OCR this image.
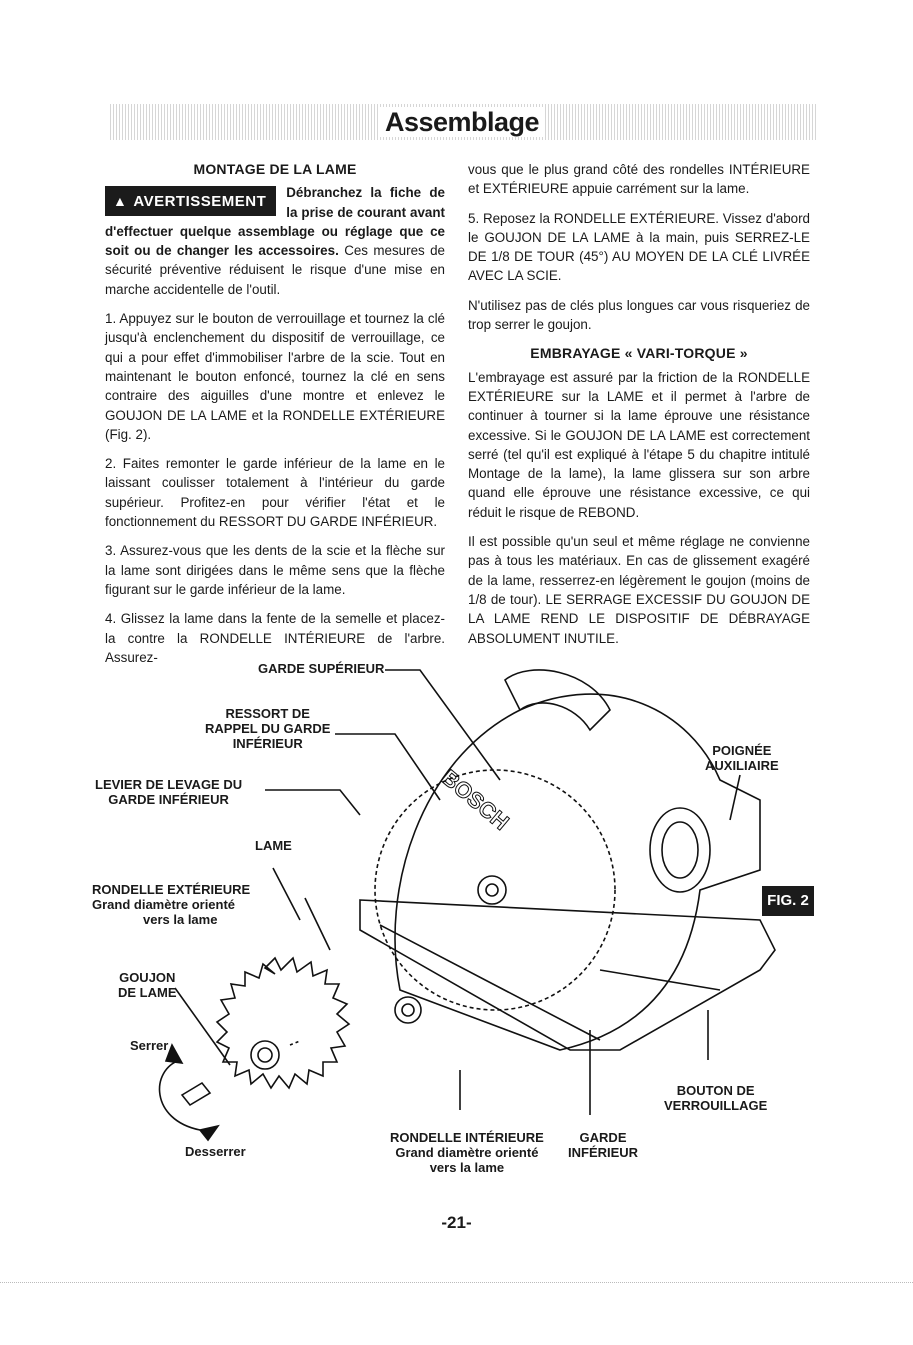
Assemblage
MONTAGE DE LA LAME
▲ AVERTISSEMENT

Débranchez la fiche de la prise de courant avant d'effectuer quelque assemblage ou réglage que ce soit ou de changer les accessoires. Ces mesures de sécurité préventive réduisent le risque d'une mise en marche accidentelle de l'outil.

1. Appuyez sur le bouton de verrouillage et tournez la clé jusqu'à enclenchement du dispositif de verrouillage, ce qui a pour effet d'immobiliser l'arbre de la scie. Tout en maintenant le bouton enfoncé, tournez la clé en sens contraire des aiguilles d'une montre et enlevez le GOUJON DE LA LAME et la RONDELLE EXTÉRIEURE (Fig. 2).

2. Faites remonter le garde inférieur de la lame en le laissant coulisser totalement à l'intérieur du garde supérieur. Profitez-en pour vérifier l'état et le fonctionnement du RESSORT DU GARDE INFÉRIEUR.

3. Assurez-vous que les dents de la scie et la flèche sur la lame sont dirigées dans le même sens que la flèche figurant sur le garde inférieur de la lame.

4. Glissez la lame dans la fente de la semelle et placez-la contre la RONDELLE INTÉRIEURE de l'arbre. Assurez-

vous que le plus grand côté des rondelles INTÉRIEURE et EXTÉRIEURE appuie carrément sur la lame.

5. Reposez la RONDELLE EXTÉRIEURE. Vissez d'abord le GOUJON DE LA LAME à la main, puis SERREZ-LE DE 1/8 DE TOUR (45°) AU MOYEN DE LA CLÉ LIVRÉE AVEC LA SCIE.

N'utilisez pas de clés plus longues car vous risqueriez de trop serrer le goujon.

EMBRAYAGE « VARI-TORQUE »

L'embrayage est assuré par la friction de la RONDELLE EXTÉRIEURE sur la LAME et il permet à l'arbre de continuer à tourner si la lame éprouve une résistance excessive. Si le GOUJON DE LA LAME est correctement serré (tel qu'il est expliqué à l'étape 5 du chapitre intitulé Montage de la lame), la lame glissera sur son arbre quand elle éprouve une résistance excessive, ce qui réduit le risque de REBOND.

Il est possible qu'un seul et même réglage ne convienne pas à tous les matériaux. En cas de glissement exagéré de la lame, resserrez-en légèrement le goujon (moins de 1/8 de tour). LE SERRAGE EXCESSIF DU GOUJON DE LA LAME REND LE DISPOSITIF DE DÉBRAYAGE ABSOLUMENT INUTILE.

BOSCH
GARDE SUPÉRIEUR
RESSORT DE
RAPPEL DU GARDE
INFÉRIEUR
LEVIER DE LEVAGE DU
GARDE INFÉRIEUR
LAME
RONDELLE EXTÉRIEURE
Grand diamètre orienté
vers la lame
GOUJON
DE LAME
Serrer
Desserrer
RONDELLE INTÉRIEURE
Grand diamètre orienté
vers la lame
GARDE
INFÉRIEUR
POIGNÉE
AUXILIAIRE
BOUTON DE
VERROUILLAGE
FIG. 2
-21-
